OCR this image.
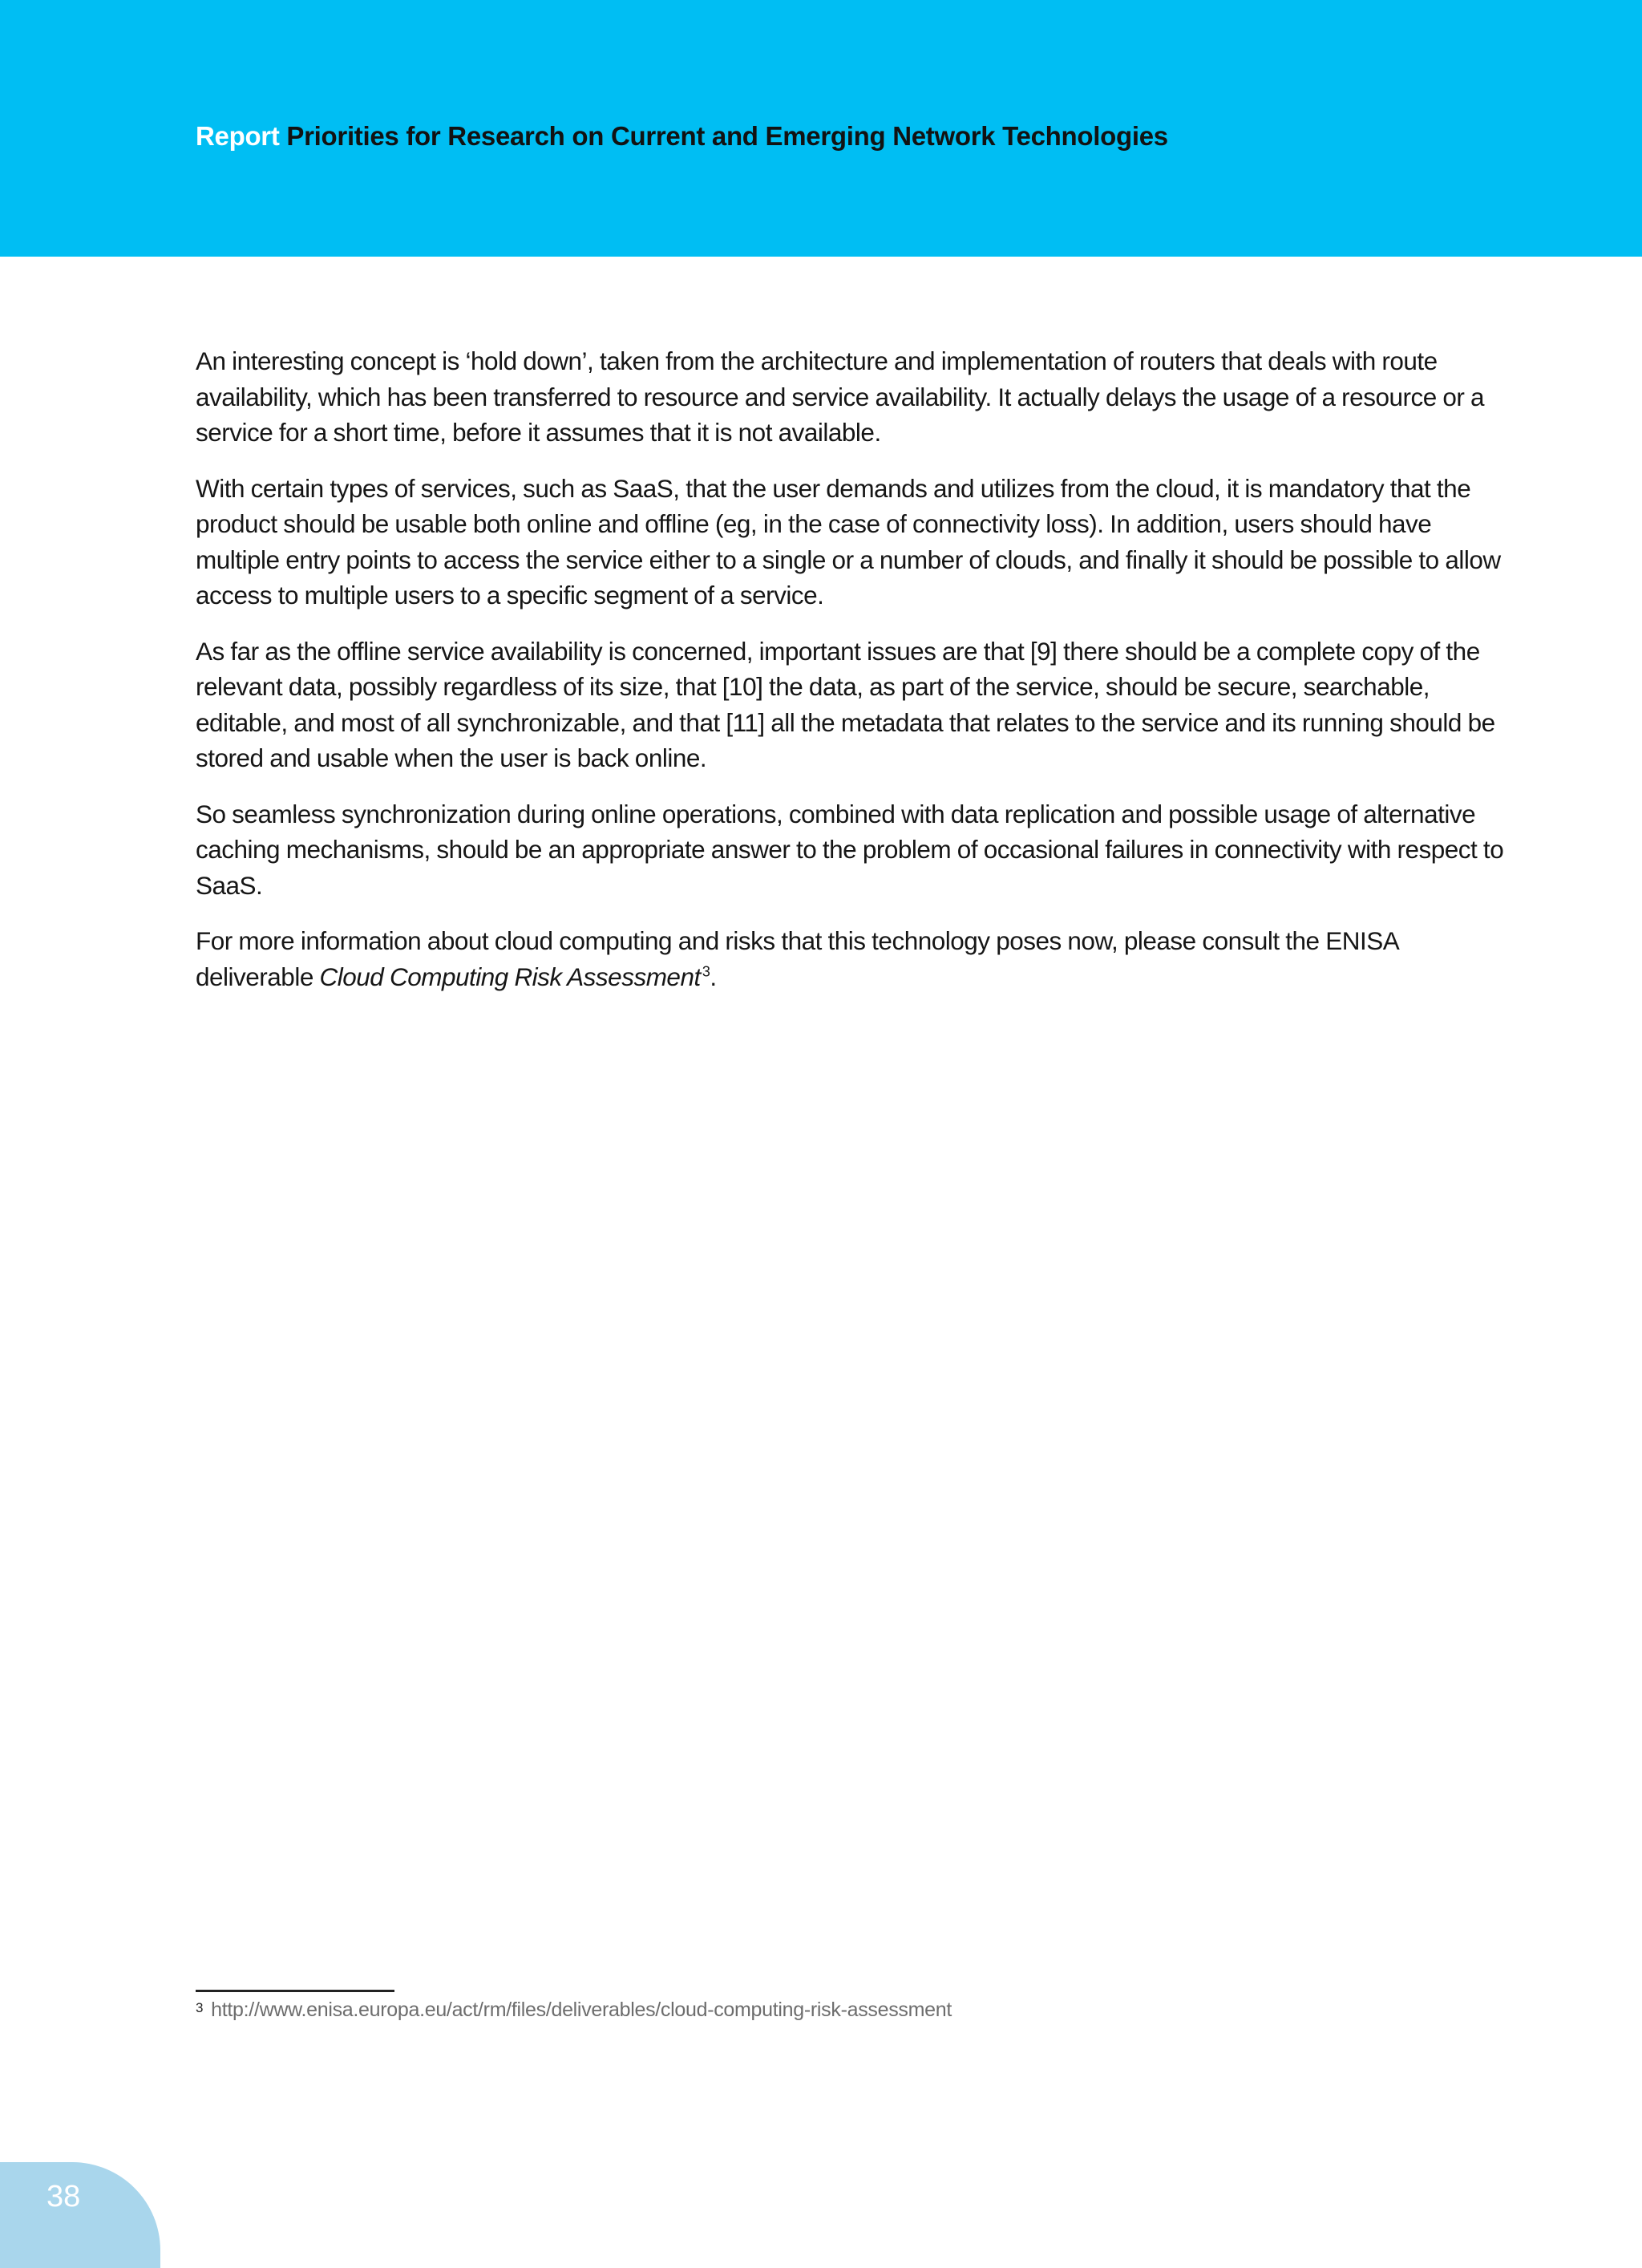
Report Priorities for Research on Current and Emerging Network Technologies

An interesting concept is ‘hold down’, taken from the architecture and implementation of routers that deals with route availability, which has been transferred to resource and service availability. It actually delays the usage of a resource or a service for a short time, before it assumes that it is not available.

With certain types of services, such as SaaS, that the user demands and utilizes from the cloud, it is mandatory that the product should be usable both online and offline (eg, in the case of connectivity loss). In addition, users should have multiple entry points to access the service either to a single or a number of clouds, and finally it should be possible to allow access to multiple users to a specific segment of a service.

As far as the offline service availability is concerned, important issues are that [9] there should be a complete copy of the relevant data, possibly regardless of its size, that [10] the data, as part of the service, should be secure, searchable, editable, and most of all synchronizable, and that [11] all the metadata that relates to the service and its running should be stored and usable when the user is back online.

So seamless synchronization during online operations, combined with data replication and possible usage of alternative caching mechanisms, should be an appropriate answer to the problem of occasional failures in connectivity with respect to SaaS.

For more information about cloud computing and risks that this technology poses now, please consult the ENISA deliverable Cloud Computing Risk Assessment  $^3$.

$^3$ http://www.enisa.europa.eu/act/rm/files/deliverables/cloud-computing-risk-assessment
38
